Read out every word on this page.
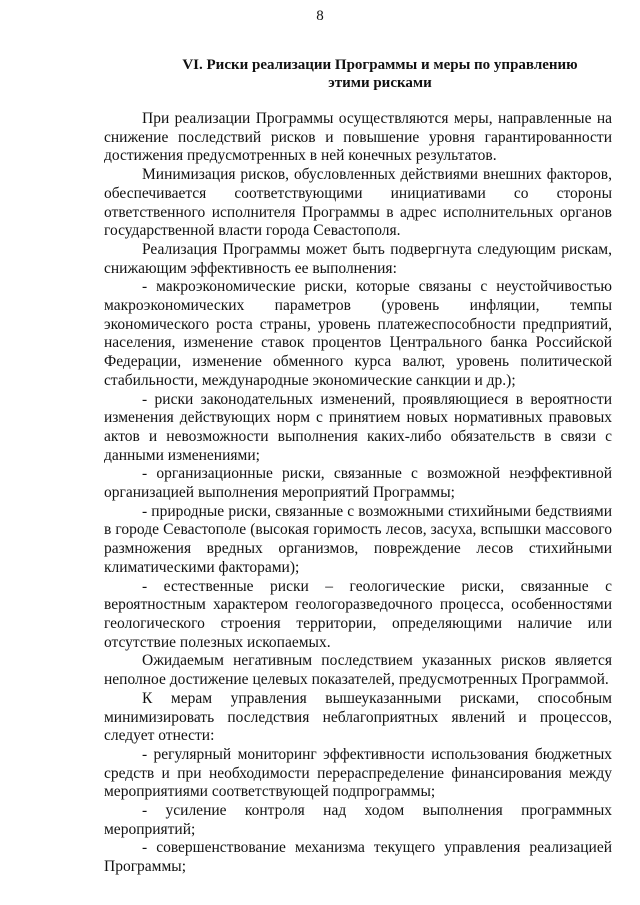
8
VI. Риски реализации Программы и меры по управлению этими рисками

При реализации Программы осуществляются меры, направленные на снижение последствий рисков и повышение уровня гарантированности достижения предусмотренных в ней конечных результатов.

Минимизация рисков, обусловленных действиями внешних факторов, обеспечивается соответствующими инициативами со стороны ответственного исполнителя Программы в адрес исполнительных органов государственной власти города Севастополя.

Реализация Программы может быть подвергнута следующим рискам, снижающим эффективность ее выполнения:

- макроэкономические риски, которые связаны с неустойчивостью макроэкономических параметров (уровень инфляции, темпы экономического роста страны, уровень платежеспособности предприятий, населения, изменение ставок процентов Центрального банка Российской Федерации, изменение обменного курса валют, уровень политической стабильности, международные экономические санкции и др.);

- риски законодательных изменений, проявляющиеся в вероятности изменения действующих норм с принятием новых нормативных правовых актов и невозможности выполнения каких-либо обязательств в связи с данными изменениями;

- организационные риски, связанные с возможной неэффективной организацией выполнения мероприятий Программы;

- природные риски, связанные с возможными стихийными бедствиями в городе Севастополе (высокая горимость лесов, засуха, вспышки массового размножения вредных организмов, повреждение лесов стихийными климатическими факторами);

- естественные риски – геологические риски, связанные с вероятностным характером геологоразведочного процесса, особенностями геологического строения территории, определяющими наличие или отсутствие полезных ископаемых.

Ожидаемым негативным последствием указанных рисков является неполное достижение целевых показателей, предусмотренных Программой.

К мерам управления вышеуказанными рисками, способным минимизировать последствия неблагоприятных явлений и процессов, следует отнести:

- регулярный мониторинг эффективности использования бюджетных средств и при необходимости перераспределение финансирования между мероприятиями соответствующей подпрограммы;

- усиление контроля над ходом выполнения программных мероприятий;

- совершенствование механизма текущего управления реализацией Программы;
